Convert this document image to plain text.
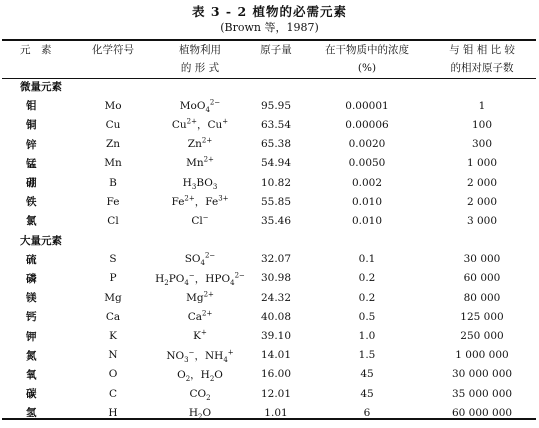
表 3 - 2 植物的必需元素
(Brown 等，1987)
元　素	化学符号	植物利用	原子量	在干物质中的浓度	与 钼 相 比 较
		的 形 式		(%)	的相对原子数
微量元素					
钼	Mo	MoO$_4^{2-}$	95.95	0.00001	1
铜	Cu	$Cu^{2+}$，Cu+	63.54	0.00006	100
锌	Zn	$Zn^{2+}$	65.38	0.0020	300
锰	Mn	$Mn^{2+}$	54.94	0.0050	1 000
硼	B	$H_3BO_3$	10.82	0.002	2 000
铁	Fe	$Fe^{2+}$，$Fe^{3+}$	55.85	0.010	2 000
氯	Cl	Cl−	35.46	0.010	3 000
大量元素					
硫	S	$SO_4^{2-}$	32.07	0.1	30 000
磷	P	$H_2PO_4^-$，$HPO_4^{2-}$	30.98	0.2	60 000
镁	Mg	$Mg^{2+}$	24.32	0.2	80 000
钙	Ca	$Ca^{2+}$	40.08	0.5	125 000
钾	K	K+	39.10	1.0	250 000
氮	N	$NO_3^-$，$NH_4^+$	14.01	1.5	1 000 000
氧	O	$O_2$，$H_2O$	16.00	45	30 000 000
碳	C	$CO_2$	12.01	45	35 000 000
氢	H	$H_2O$	1.01	6	60 000 000
